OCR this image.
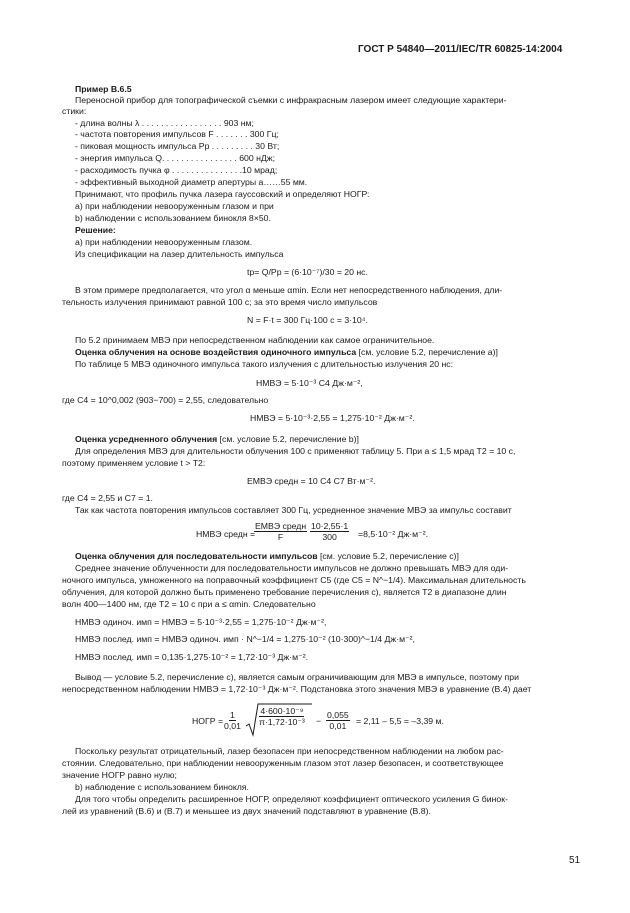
ГОСТ Р 54840—2011/IEC/TR 60825-14:2004
Пример В.6.5
Переносной прибор для топографической съемки с инфракрасным лазером имеет следующие характери-
стики:
- длина волны λ . . . . . . . . . . . . . . . . . 903 нм;
- частота повторения импульсов F . . . . . . . 300 Гц;
- пиковая мощность импульса Pp . . . . . . . . . 30 Вт;
- энергия импульса Q. . . . . . . . . . . . . . . . 600 нДж;
- расходимость пучка φ . . . . . . . . . . . . . . .10 мрад;
- эффективный выходной диаметр апертуры a……55 мм.
Принимают, что профиль пучка лазера гауссовский и определяют НОГР:
а) при наблюдении невооруженным глазом и при
b) наблюдении с использованием бинокля 8×50.
Решение:
а) при наблюдении невооруженным глазом.
Из спецификации на лазер длительность импульса
tp= Q/Pp = (6·10⁻⁷)/30 = 20 нс.
В этом примере предполагается, что угол α меньше αmin. Если нет непосредственного наблюдения, дли-
тельность излучения принимают равной 100 с; за это время число импульсов
N = F·t = 300 Гц·100 с = 3·10⁴.
По 5.2 принимаем МВЭ при непосредственном наблюдении как самое ограничительное.
Оценка облучения на основе воздействия одиночного импульса [см. условие 5.2, перечисление а)]
По таблице 5 МВЭ одиночного импульса такого излучения с длительностью излучения 20 нс:
HМВЭ = 5·10⁻³ C4 Дж·м⁻²,
где C4 = 10^0,002 (903−700) = 2,55, следовательно
HМВЭ = 5·10⁻³·2,55 = 1,275·10⁻² Дж·м⁻².
Оценка усредненного облучения [см. условие 5.2, перечисление b)]
Для определения МВЭ для длительности облучения 100 с применяют таблицу 5. При a ≤ 1,5 мрад T2 = 10 с,
поэтому применяем условие t > T2:
EМВЭ средн = 10 C4 C7 Вт·м⁻².
где C4 = 2,55 и C7 = 1.
Так как частота повторения импульсов составляет 300 Гц, усредненное значение МВЭ за импульс составит
HМВЭ средн =
EМВЭ средн
F	$\frac{10\cdot 2,55\cdot 1}{300} =8,5\cdot 10^{-2}$ Дж·м⁻².
Оценка облучения для последовательности импульсов [см. условие 5.2, перечисление с)]
Среднее значение облученности для последовательности импульсов не должно превышать МВЭ для оди-
ночного импульса, умноженного на поправочный коэффициент C5 (где C5 = N^−1/4). Максимальная длительность
облучения, для которой должно быть применено требование перечисления с), является T2 в диапазоне длин
волн 400—1400 нм, где T2 = 10 с при a ≤ αmin. Следовательно
HМВЭ одиноч. имп = HМВЭ = 5·10⁻³·2,55 = 1,275·10⁻² Дж·м⁻²,
HМВЭ послед. имп = HМВЭ одиноч. имп · N^−1/4 = 1,275·10⁻² (10·300)^−1/4 Дж·м⁻²,
HМВЭ послед. имп = 0,135·1,275·10⁻² = 1,72·10⁻³ Дж·м⁻².
Вывод — условие 5.2, перечисление с), является самым ограничивающим для МВЭ в импульсе, поэтому при
непосредственном наблюдении HМВЭ = 1,72·10⁻³ Дж·м⁻². Подстановка этого значения МВЭ в уравнение (В.4) дает
НОГР = $\frac{1}{0,01} \frac{\text{4·600·10⁻⁹}}{\text{π·1,72·10⁻³}} - \frac{0,055}{0,01} = 2,11 - 5,5 = -3,39$ м.
Поскольку результат отрицательный, лазер безопасен при непосредственном наблюдении на любом рас-
стоянии. Следовательно, при наблюдении невооруженным глазом этот лазер безопасен, и соответствующее
значение НОГР равно нулю;
b) наблюдение с использованием бинокля.
Для того чтобы определить расширенное НОГР, определяют коэффициент оптического усиления G бинок-
лей из уравнений (В.6) и (В.7) и меньшее из двух значений подставляют в уравнение (В.8).
51
